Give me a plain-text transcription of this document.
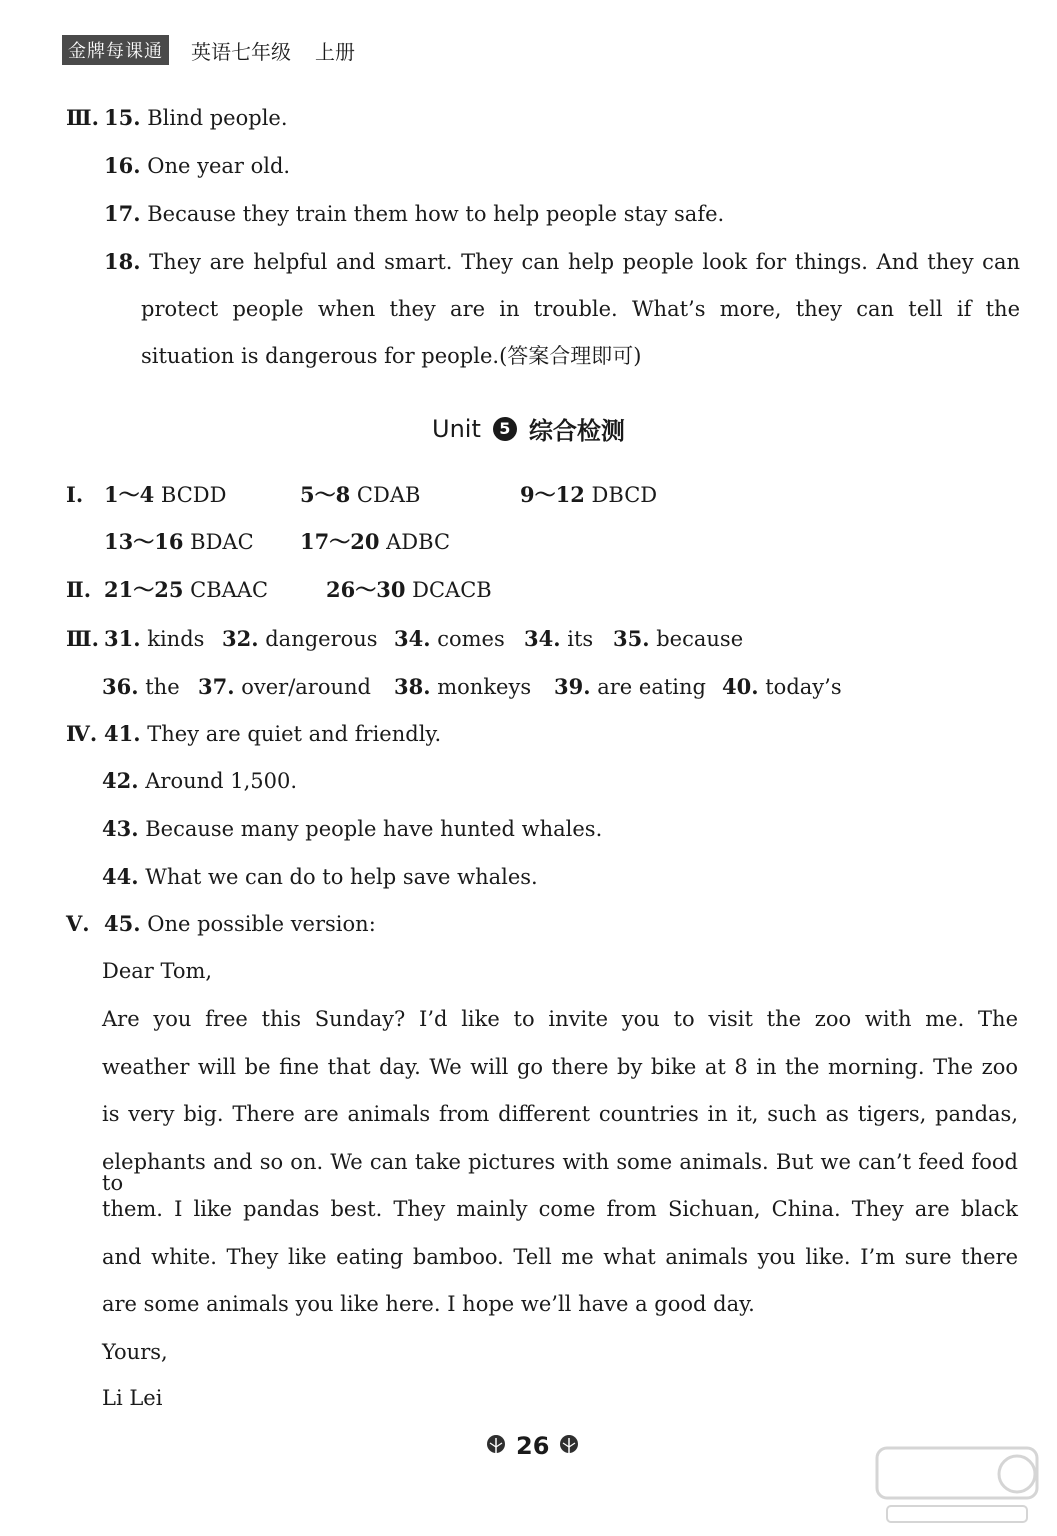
金牌每课通	英语七年级 上册
Ⅲ. 15. Blind people.
16. One year old.
17. Because they train them how to help people stay safe.
18. They are helpful and smart. They can help people look for things. And they can
protect people when they are in trouble. What’s more, they can tell if the
situation is dangerous for people.(答案合理即可)
Unit	5 综合检测
Ⅰ. 1～4 BCDD	5～8 CDAB	9～12 DBCD
13～16 BDAC 17～20 ADBC
Ⅱ. 21～25 CBAAC	26～30 DCACB
Ⅲ. 31. kinds 32. dangerous 34. comes 34. its 35. because
36. the 37. over/around 38. monkeys 39. are eating 40. today’s
Ⅳ. 41. They are quiet and friendly.
42. Around 1,500.
43. Because many people have hunted whales.
44. What we can do to help save whales.
Ⅴ. 45. One possible version:
Dear Tom,
Are you free this Sunday? I’d like to invite you to visit the zoo with me. The
weather will be fine that day. We will go there by bike at 8 in the morning. The zoo
is very big. There are animals from different countries in it, such as tigers, pandas,
elephants and so on. We can take pictures with some animals. But we can’t feed food to
them. I like pandas best. They mainly come from Sichuan, China. They are black
and white. They like eating bamboo. Tell me what animals you like. I’m sure there
are some animals you like here. I hope we’ll have a good day.
Yours,
Li Lei
26
